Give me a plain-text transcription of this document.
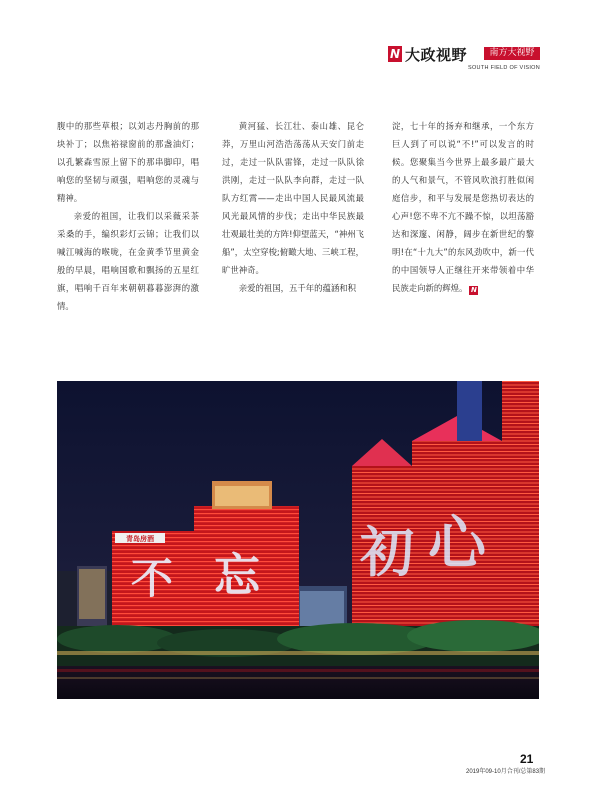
N 大政视野	南方大视野
SOUTH FIELD OF VISION

腹中的那些草根；以刘志丹胸前的那块补丁；以焦裕禄窗前的那盏油灯；以孔繁森雪原上留下的那串脚印，唱响您的坚韧与顽强，唱响您的灵魂与精神。

亲爱的祖国，让我们以采薇采茶采桑的手，编织彩灯云锦；让我们以喊江喊海的喉咙，在金黄季节里黄金般的早晨，唱响国歌和飘扬的五星红旗，唱响千百年来朝朝暮暮澎湃的激情。

黄河猛、长江壮、泰山雄、昆仑莽，万里山河浩浩荡荡从天安门前走过，走过一队队雷锋，走过一队队徐洪刚，走过一队队李向群，走过一队队方红霄——走出中国人民最风流最风光最风情的步伐；走出中华民族最壮观最壮美的方阵!仰望蓝天，“神州飞船”，太空穿梭;俯瞰大地、三峡工程，旷世神奇。

亲爱的祖国，五千年的蕴涵和积

淀，七十年的扬弃和继承，一个东方巨人到了可以说“不!”可以发言的时候。您聚集当今世界上最多最广最大的人气和景气，不管风吹浪打胜似闲庭信步，和平与发展是您热切表达的心声!您不卑不亢不躁不惊，以坦荡豁达和深邃、闲静，阔步在新世纪的黎明!在“十九大”的东风劲吹中，新一代的中国领导人正继往开来带领着中华民族走向新的辉煌。 N

青岛房酒
不 忘 初 心
21
2019年09-10月合刊/总第83期
